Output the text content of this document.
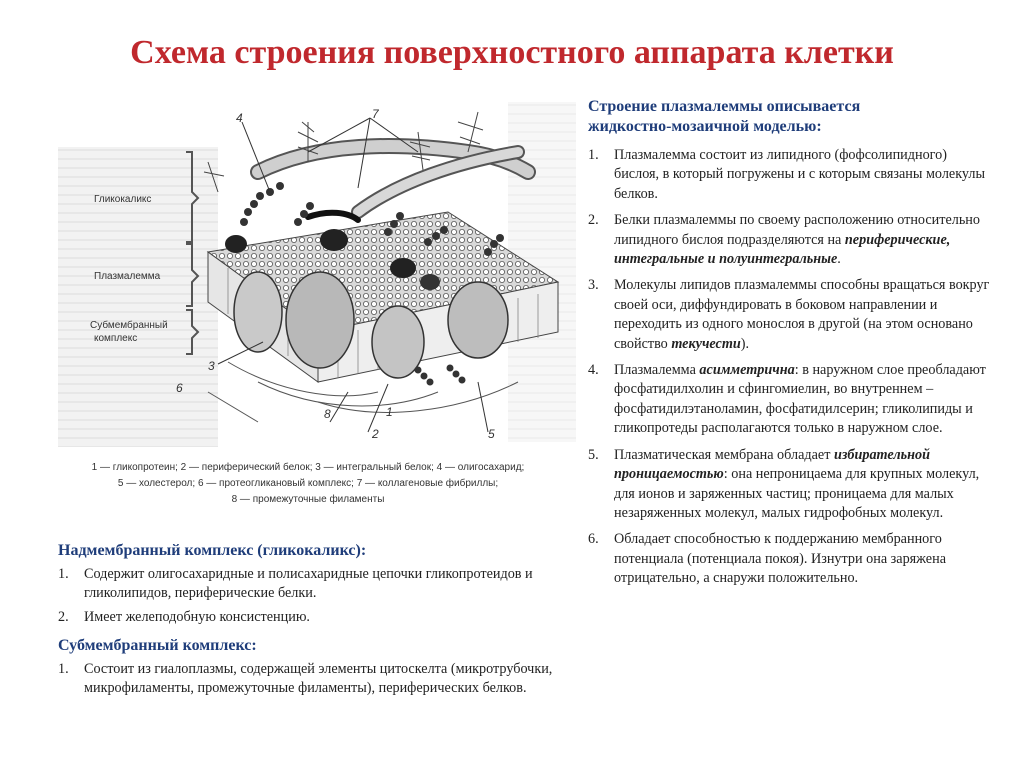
Схема строения поверхностного аппарата клетки
Гликокаликс
Плазмалемма
Субмембранный
комплекс
4	7
3
8
2	5
6
1
1 — гликопротеин; 2 — периферический белок; 3 — интегральный белок; 4 — олигосахарид;
5 — холестерол; 6 — протеогликановый комплекс; 7 — коллагеновые фибриллы;
8 — промежуточные филаменты
Надмембранный комплекс (гликокаликс):
1. Содержит олигосахаридные и полисахаридные цепочки гликопротеидов и гликолипидов, периферические белки.
2. Имеет желеподобную консистенцию.
Субмембранный комплекс:
1. Состоит из гиалоплазмы, содержащей элементы цитоскелта (микротрубочки, микрофиламенты, промежуточные филаменты), периферических белков.
Строение плазмалеммы описывается
жидкостно-мозаичной моделью:
1. Плазмалемма состоит из липидного (фофсолипидного) бислоя, в который погружены и с которым связаны молекулы белков.
2. Белки плазмалеммы по своему расположению относительно липидного бислоя подразделяются на периферические, интегральные и полуинтегральные.
3. Молекулы липидов плазмалеммы способны вращаться вокруг своей оси, диффундировать в боковом направлении и переходить из одного монослоя в другой (на этом основано свойство текучести).
4. Плазмалемма асимметрична: в наружном слое преобладают фосфатидилхолин и сфингомиелин, во внутреннем – фосфатидилэтаноламин, фосфатидилсерин; гликолипиды и гликопротеды располагаются только в наружном слое.
5. Плазматическая мембрана обладает избирательной проницаемостью: она непроницаема для крупных молекул, для ионов и заряженных частиц; проницаема для малых незаряженных молекул, малых гидрофобных молекул.
6. Обладает способностью к поддержанию мембранного потенциала (потенциала покоя). Изнутри она заряжена отрицательно, а снаружи положительно.
